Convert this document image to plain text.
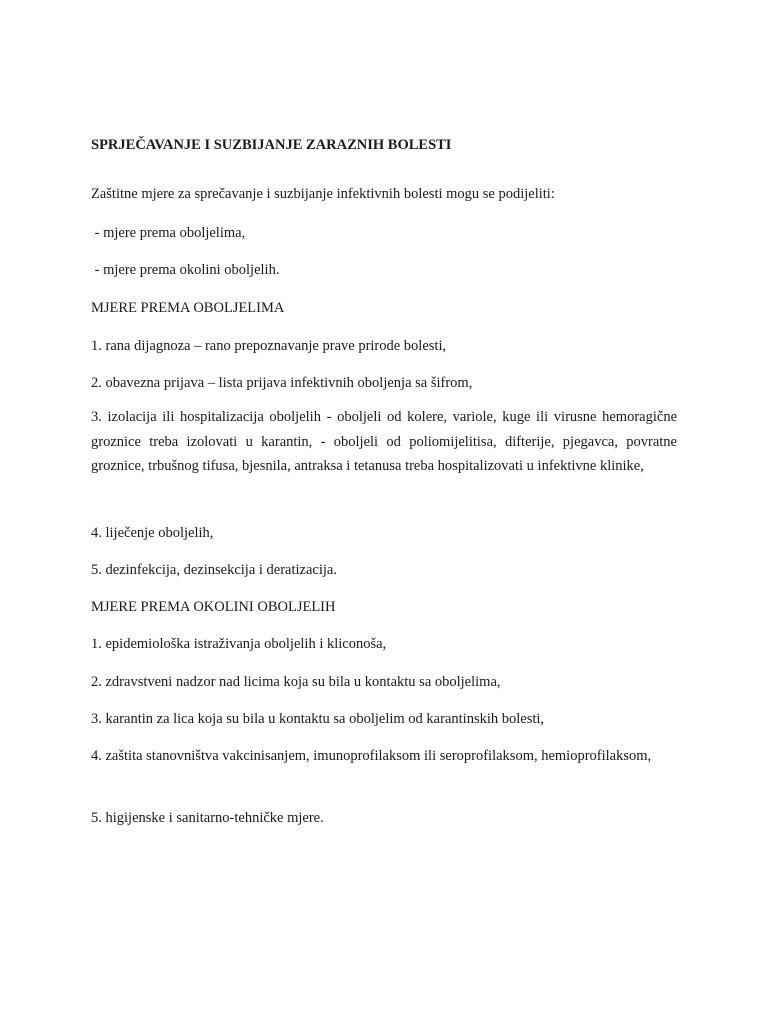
SPRJEČAVANJE I SUZBIJANJE ZARAZNIH BOLESTI
Zaštitne mjere za sprečavanje i suzbijanje infektivnih bolesti mogu se podijeliti:
- mjere prema oboljelima,
- mjere prema okolini oboljelih.
MJERE PREMA OBOLJELIMA
1. rana dijagnoza – rano prepoznavanje prave prirode bolesti,
2. obavezna prijava – lista prijava infektivnih oboljenja sa šifrom,
3. izolacija ili hospitalizacija oboljelih - oboljeli od kolere, variole, kuge ili virusne hemoragične groznice treba izolovati u karantin, - oboljeli od poliomijelitisa, difterije, pjegavca, povratne groznice, trbušnog tifusa, bjesnila, antraksa i tetanusa treba hospitalizovati u infektivne klinike,
4. liječenje oboljelih,
5. dezinfekcija, dezinsekcija i deratizacija.
MJERE PREMA OKOLINI OBOLJELIH
1. epidemiološka istraživanja oboljelih i kliconoša,
2. zdravstveni nadzor nad licima koja su bila u kontaktu sa oboljelima,
3. karantin za lica koja su bila u kontaktu sa oboljelim od karantinskih bolesti,
4. zaštita stanovništva vakcinisanjem, imunoprofilaksom ili seroprofilaksom, hemioprofilaksom,
5. higijenske i sanitarno-tehničke mjere.
